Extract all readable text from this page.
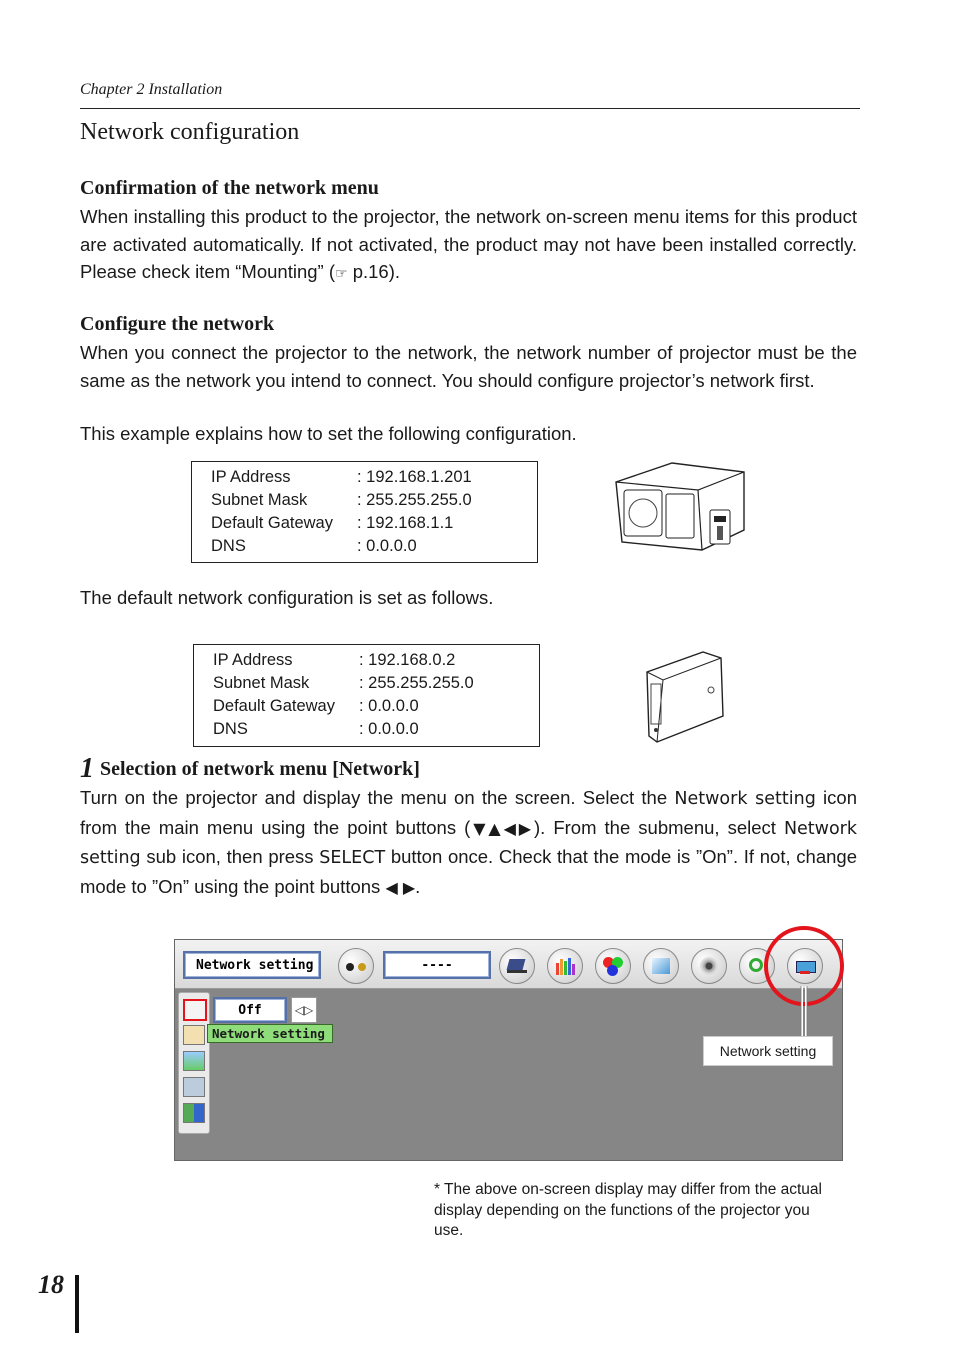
Chapter 2 Installation
Network configuration
Confirmation of the network menu
When installing this product to the projector, the network on-screen menu items for this product are activated automatically. If not activated, the product may not have been installed correctly. Please check item “Mounting” (☞ p.16).
Configure the network
When you connect the projector to the network, the network number of projector must be the same as the network you intend to connect. You should configure projector’s network first.
This example explains how to set the following configuration.
IP Address	: 192.168.1.201
Subnet Mask	: 255.255.255.0
Default Gateway	: 192.168.1.1
DNS	: 0.0.0.0
The default network configuration is set as follows.
IP Address	: 192.168.0.2
Subnet Mask	: 255.255.255.0
Default Gateway	: 0.0.0.0
DNS	: 0.0.0.0
1 Selection of network menu [Network]
Turn on the projector and display the menu on the screen. Select the Network setting icon from the main menu using the point buttons (▼▲◀▶). From the submenu, select Network setting sub icon, then press SELECT button once. Check that the mode is ”On”. If not, change mode to ”On” using the point buttons ◀ ▶.
Network setting	----
Off	◁▷
Network setting
Network setting
* The above on-screen display may differ from the actual display depending on the functions of the projector you use.
18
